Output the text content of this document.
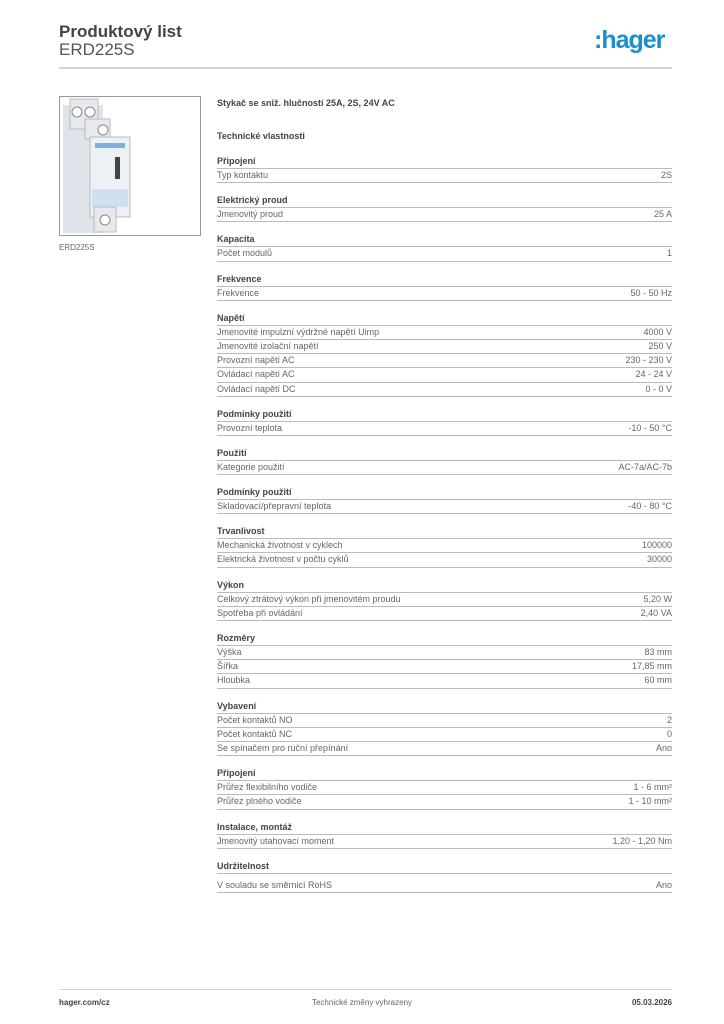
Produktový list
ERD225S	:hager
ERD225S
Stykač se sniž. hlučností 25A, 2S, 24V AC
Technické vlastnosti
Připojení
Typ kontaktu	2S
Elektrický proud
Jmenovitý proud	25 A
Kapacita
Počet modulů	1
Frekvence
Frekvence	50 - 50 Hz
Napětí
Jmenovité impulzní výdržné napětí Uimp	4000 V
Jmenovité izolační napětí	250 V
Provozní napětí AC	230 - 230 V
Ovládací napětí AC	24 - 24 V
Ovládací napětí DC	0 - 0 V
Podmínky použití
Provozní teplota	-10 - 50 °C
Použití
Kategorie použití	AC-7a/AC-7b
Podmínky použití
Skladovací/přepravní teplota	-40 - 80 °C
Trvanlivost
Mechanická životnost v cyklech	100000
Elektrická životnost v počtu cyklů	30000
Výkon
Celkový ztrátový výkon při jmenovitém proudu	5,20 W
Spotřeba při ovládání	2,40 VA
Rozměry
Výška	83 mm
Šířka	17,85 mm
Hloubka	60 mm
Vybavení
Počet kontaktů NO	2
Počet kontaktů NC	0
Se spínačem pro ruční přepínání	Ano
Připojení
Průřez flexibilního vodiče	1 - 6 mm²
Průřez plného vodiče	1 - 10 mm²
Instalace, montáž
Jmenovitý utahovací moment	1,20 - 1,20 Nm
Udržitelnost
V souladu se směrnicí RoHS	Ano
hager.com/cz	Technické změny vyhrazeny	05.03.2026
